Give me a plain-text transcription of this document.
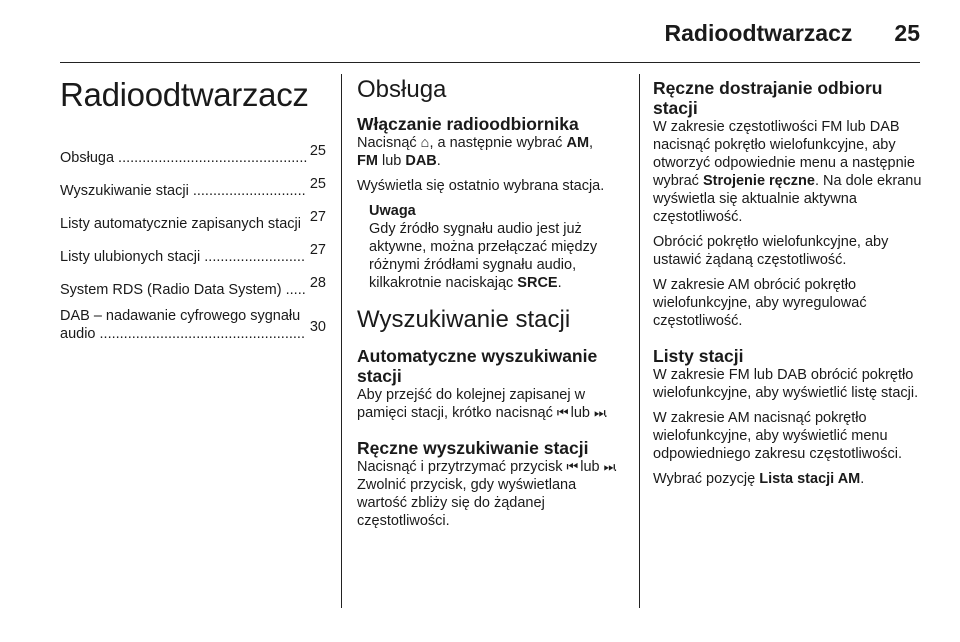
Radioodtwarzacz 25
Radioodtwarzacz
Obsługa ............................................... 25
Wyszukiwanie stacji ............................ 25
Listy automatycznie zapisanych stacji 27
Listy ulubionych stacji ......................... 27
System RDS (Radio Data System) ..... 28
DAB – nadawanie cyfrowego sygnału audio ................................................... 30
Obsługa
Włączanie radioodbiornika

Nacisnąć ⌂, a następnie wybrać AM,
FM lub DAB.

Wyświetla się ostatnio wybrana stacja.

Uwaga
Gdy źródło sygnału audio jest już aktywne, można przełączać między różnymi źródłami sygnału audio, kilkakrotnie naciskając SRCE.
Wyszukiwanie stacji
Automatyczne wyszukiwanie stacji

Aby przejść do kolejnej zapisanej w pamięci stacji, krótko nacisnąć ⏮ lub ⏭.

Ręczne wyszukiwanie stacji

Nacisnąć i przytrzymać przycisk ⏮ lub ⏭. Zwolnić przycisk, gdy wyświetlana wartość zbliży się do żądanej częstotliwości.

Ręczne dostrajanie odbioru stacji

W zakresie częstotliwości FM lub DAB nacisnąć pokrętło wielofunkcyjne, aby otworzyć odpowiednie menu a następnie wybrać Strojenie ręczne. Na dole ekranu wyświetla się aktualnie aktywna częstotliwość.

Obrócić pokrętło wielofunkcyjne, aby ustawić żądaną częstotliwość.

W zakresie AM obrócić pokrętło wielofunkcyjne, aby wyregulować częstotliwość.

Listy stacji

W zakresie FM lub DAB obrócić pokrętło wielofunkcyjne, aby wyświetlić listę stacji.

W zakresie AM nacisnąć pokrętło wielofunkcyjne, aby wyświetlić menu odpowiedniego zakresu częstotliwości.

Wybrać pozycję Lista stacji AM.
